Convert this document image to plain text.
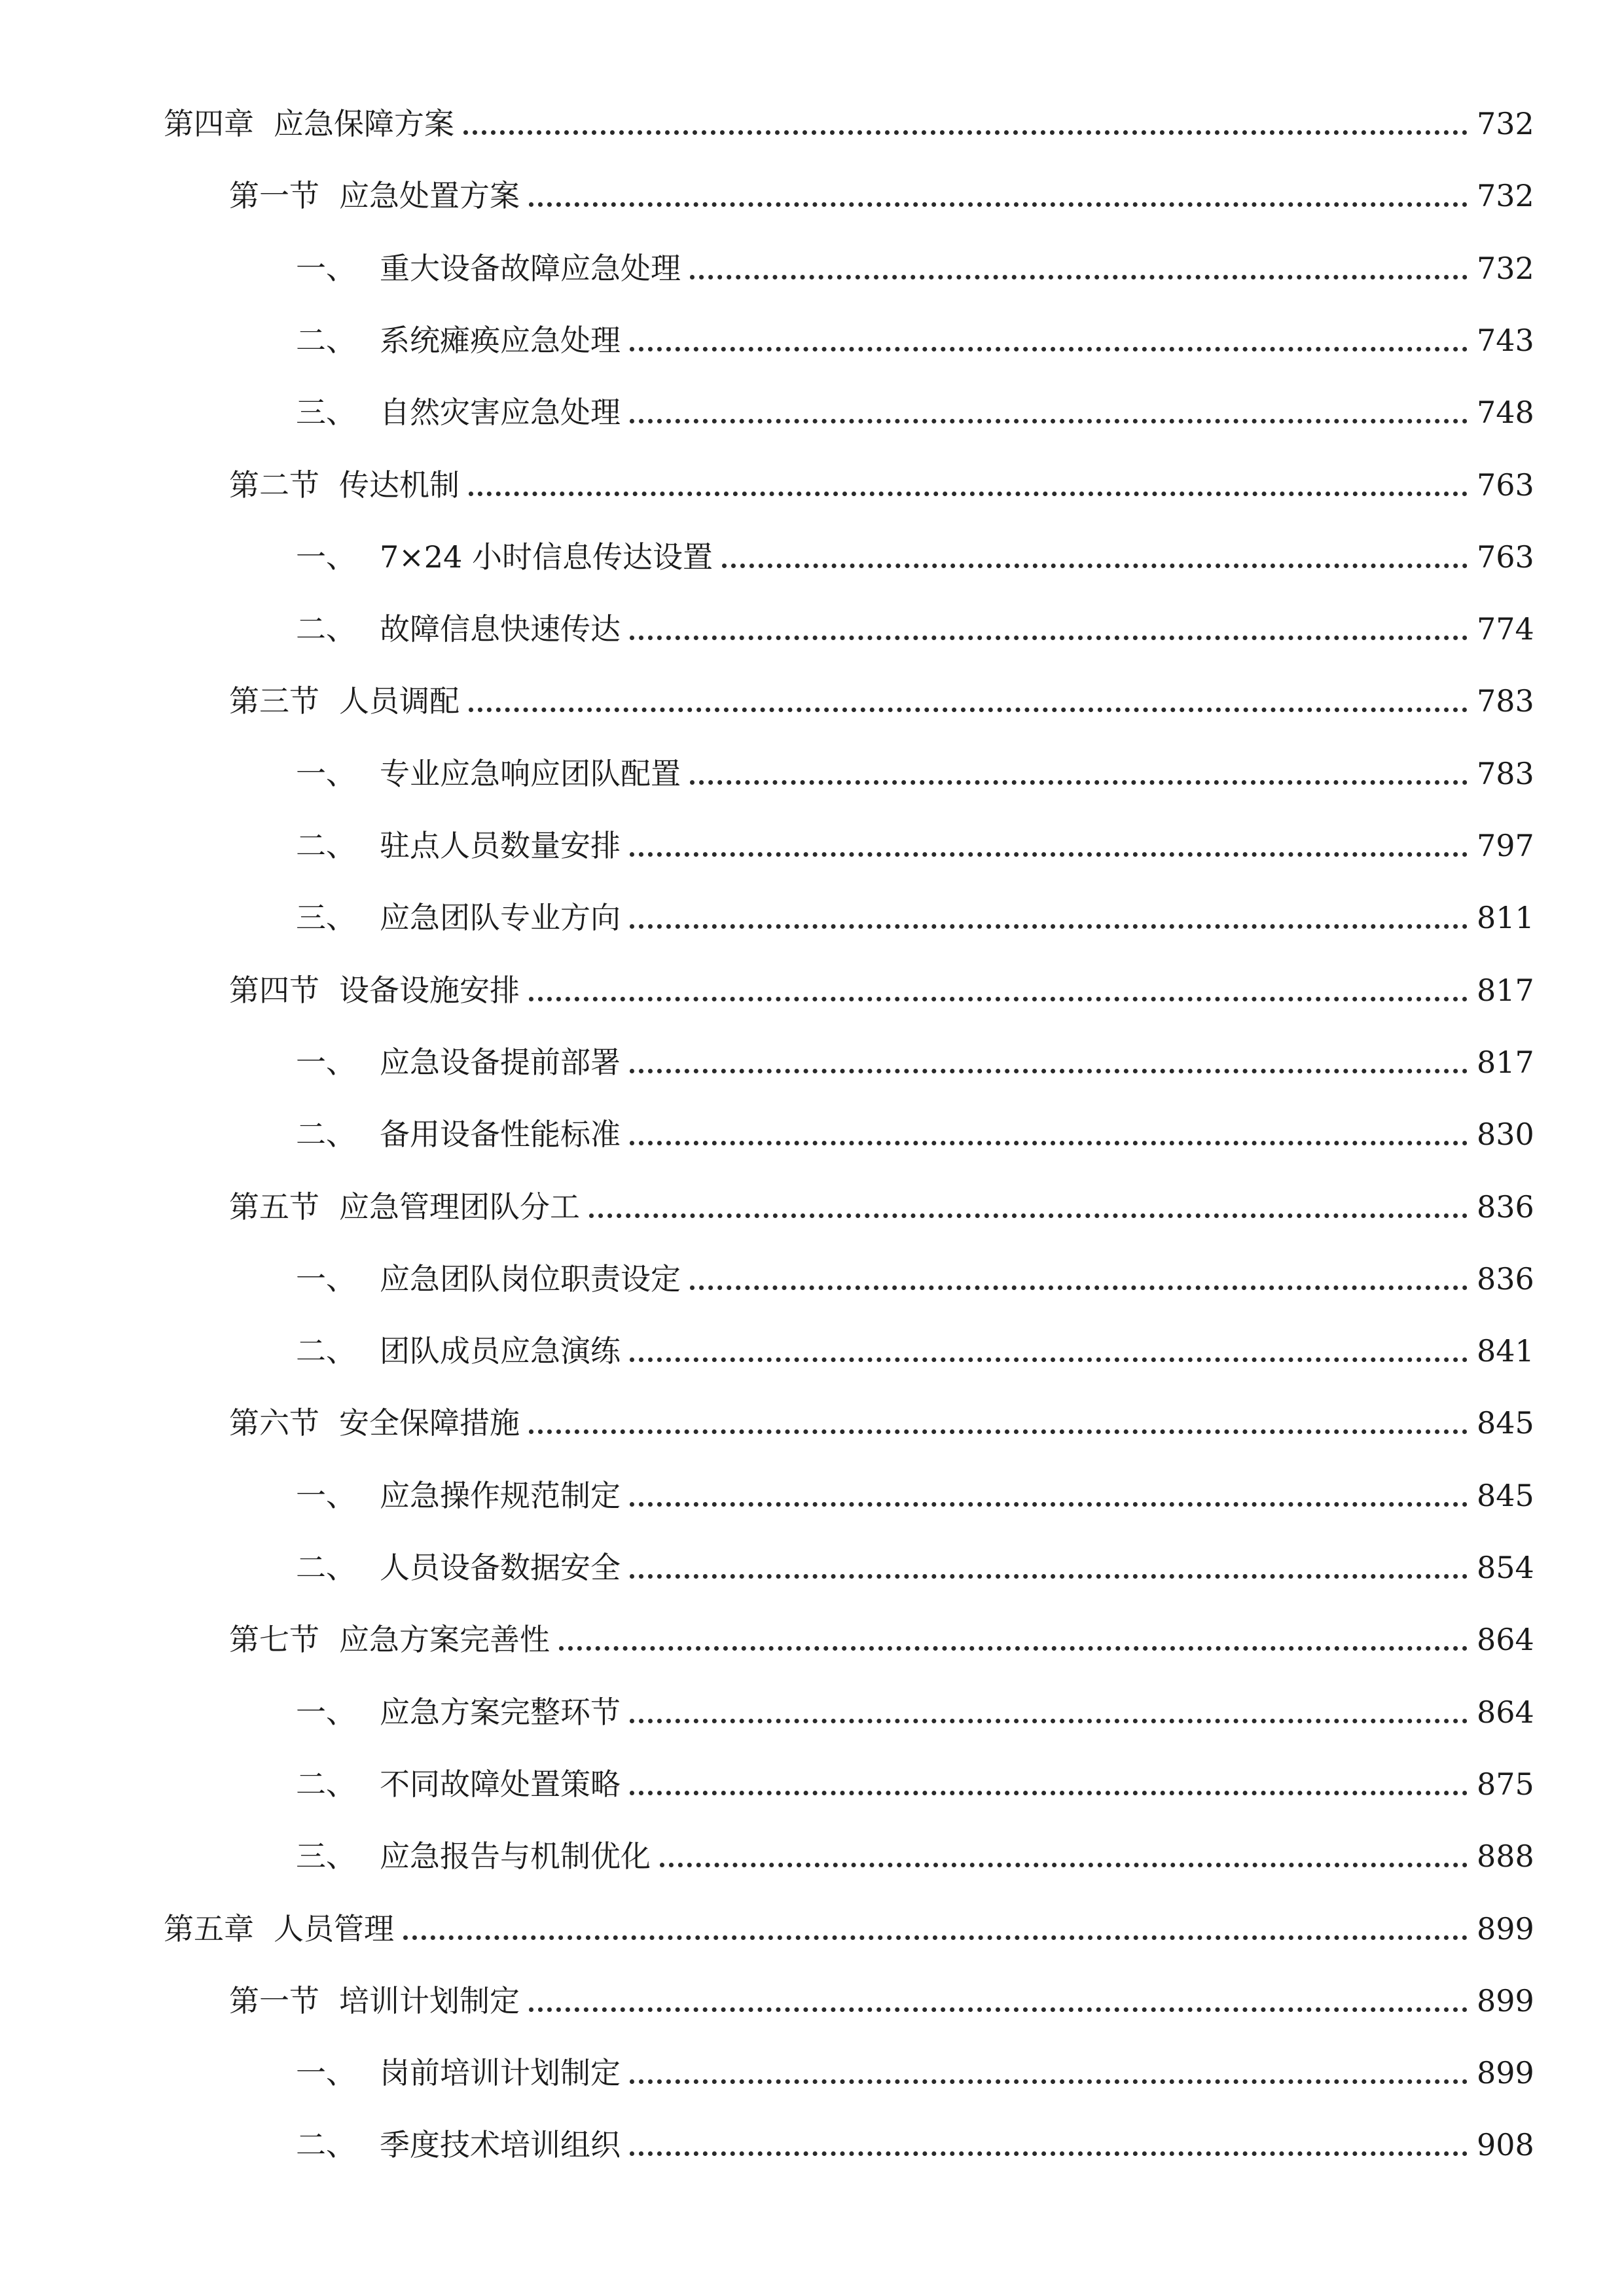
第四章 应急保障方案	732
第一节 应急处置方案	732
一、 重大设备故障应急处理	732
二、 系统瘫痪应急处理	743
三、 自然灾害应急处理	748
第二节 传达机制	763
一、 7×24 小时信息传达设置	763
二、 故障信息快速传达	774
第三节 人员调配	783
一、 专业应急响应团队配置	783
二、 驻点人员数量安排	797
三、 应急团队专业方向	811
第四节 设备设施安排	817
一、 应急设备提前部署	817
二、 备用设备性能标准	830
第五节 应急管理团队分工	836
一、 应急团队岗位职责设定	836
二、 团队成员应急演练	841
第六节 安全保障措施	845
一、 应急操作规范制定	845
二、 人员设备数据安全	854
第七节 应急方案完善性	864
一、 应急方案完整环节	864
二、 不同故障处置策略	875
三、 应急报告与机制优化	888
第五章 人员管理	899
第一节 培训计划制定	899
一、 岗前培训计划制定	899
二、 季度技术培训组织	908
